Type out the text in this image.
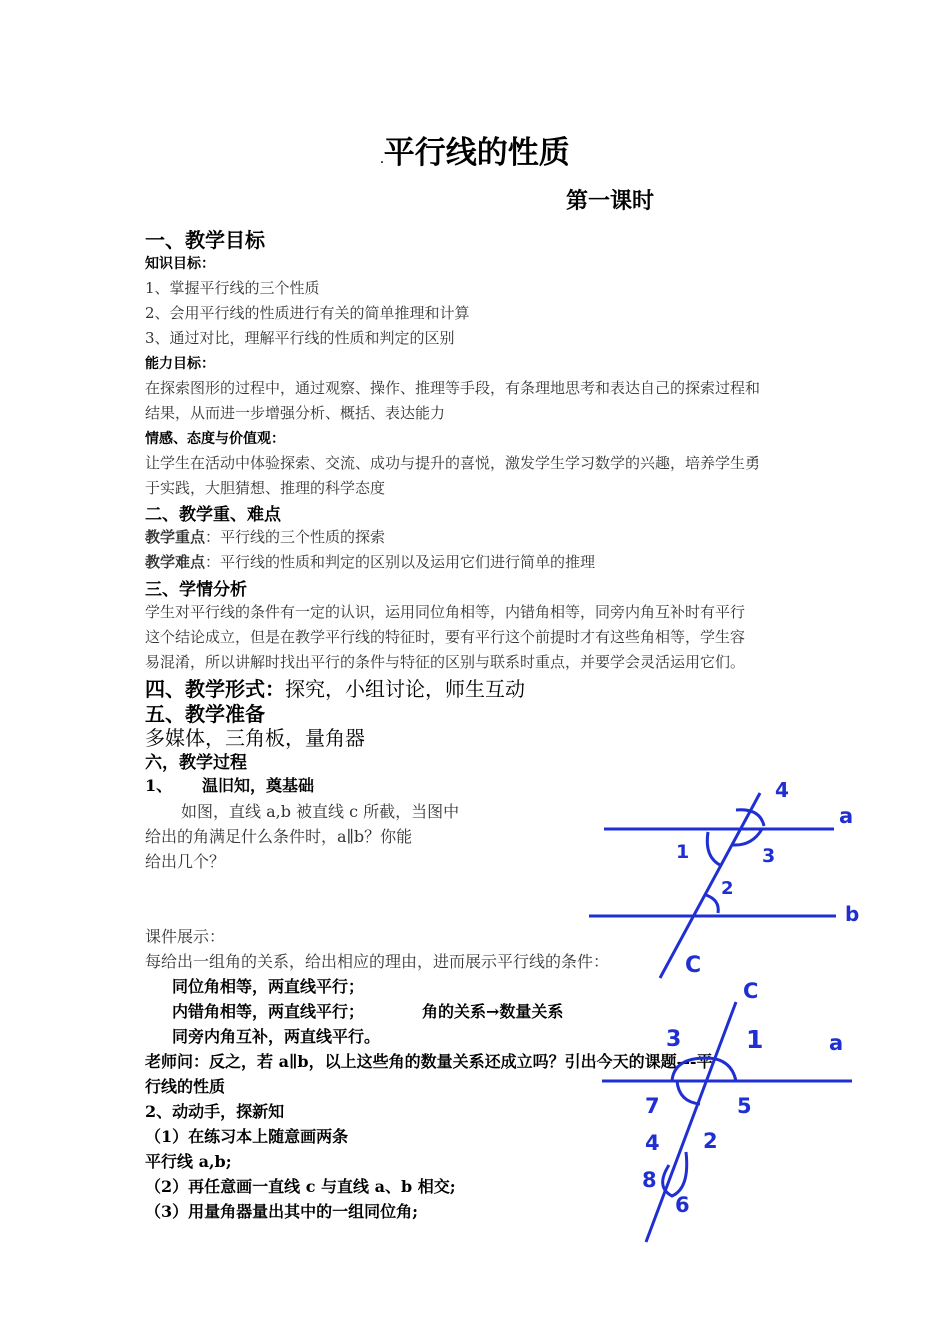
.平行线的性质
第一课时
一、教学目标
知识目标：
1、掌握平行线的三个性质
2、会用平行线的性质进行有关的简单推理和计算
3、通过对比，理解平行线的性质和判定的区别
能力目标：
在探索图形的过程中，通过观察、操作、推理等手段，有条理地思考和表达自己的探索过程和
结果，从而进一步增强分析、概括、表达能力
情感、态度与价值观：
让学生在活动中体验探索、交流、成功与提升的喜悦，激发学生学习数学的兴趣，培养学生勇
于实践，大胆猜想、推理的科学态度
二、教学重、难点
教学重点：平行线的三个性质的探索
教学难点：平行线的性质和判定的区别以及运用它们进行简单的推理
三、学情分析
学生对平行线的条件有一定的认识，运用同位角相等，内错角相等，同旁内角互补时有平行
这个结论成立，但是在教学平行线的特征时，要有平行这个前提时才有这些角相等，学生容
易混淆，所以讲解时找出平行的条件与特征的区别与联系时重点，并要学会灵活运用它们。
四、教学形式：探究，小组讨论，师生互动
五、教学准备
多媒体，三角板，量角器
六，教学过程
1、 温旧知，奠基础
如图，直线 a,b 被直线 c 所截，当图中
给出的角满足什么条件时，a∥b？你能
给出几个？
课件展示：
每给出一组角的关系，给出相应的理由，进而展示平行线的条件：
同位角相等，两直线平行；
内错角相等，两直线平行；	角的关系→数量关系
同旁内角互补，两直线平行。
老师问：反之，若 a∥b，以上这些角的数量关系还成立吗？引出今天的课题---平
行线的性质
2、动动手，探新知
（1）在练习本上随意画两条
平行线 a,b;
（2）再任意画一直线 c 与直线 a、b 相交;
（3）用量角器量出其中的一组同位角;
4
a
1	3
2
b
C
C
3	1	a
7	5
4 2
8
6
